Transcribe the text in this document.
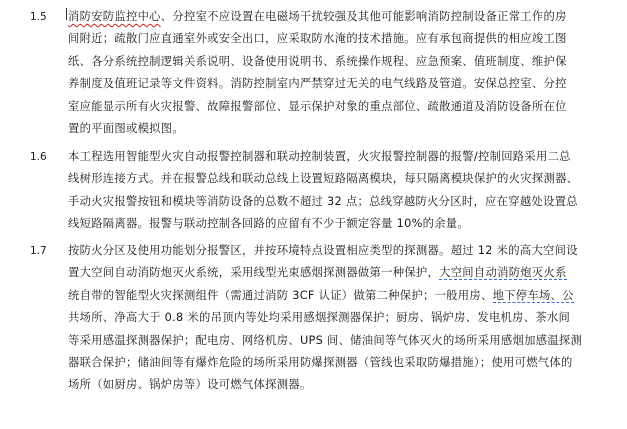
1.5 消防安防监控中心、分控室不应设置在电磁场干扰较强及其他可能影响消防控制设备正常工作的房
间附近；疏散门应直通室外或安全出口，应采取防水淹的技术措施。应有承包商提供的相应竣工图
纸、各分系统控制逻辑关系说明、设备使用说明书、系统操作规程、应急预案、值班制度、维护保
养制度及值班记录等文件资料。消防控制室内严禁穿过无关的电气线路及管道。安保总控室、分控
室应能显示所有火灾报警、故障报警部位、显示保护对象的重点部位、疏散通道及消防设备所在位
置的平面图或模拟图。
1.6 本工程选用智能型火灾自动报警控制器和联动控制装置，火灾报警控制器的报警/控制回路采用二总
线树形连接方式。并在报警总线和联动总线上设置短路隔离模块，每只隔离模块保护的火灾探测器、
手动火灾报警按钮和模块等消防设备的总数不超过 32 点；总线穿越防火分区时，应在穿越处设置总
线短路隔离器。报警与联动控制各回路的应留有不少于额定容量 10%的余量。
1.7 按防火分区及使用功能划分报警区，并按环境特点设置相应类型的探测器。超过 12 米的高大空间设
置大空间自动消防炮灭火系统，采用线型光束感烟探测器做第一种保护，大空间自动消防炮灭火系
统自带的智能型火灾探测组件（需通过消防 3CF 认证）做第二种保护；一般用房、地下停车场、公
共场所、净高大于 0.8 米的吊顶内等处均采用感烟探测器保护；厨房、锅炉房、发电机房、茶水间
等采用感温探测器保护；配电房、网络机房、UPS 间、储油间等气体灭火的场所采用感烟加感温探测
器联合保护；储油间等有爆炸危险的场所采用防爆探测器（管线也采取防爆措施）；使用可燃气体的
场所（如厨房、锅炉房等）设可燃气体探测器。
